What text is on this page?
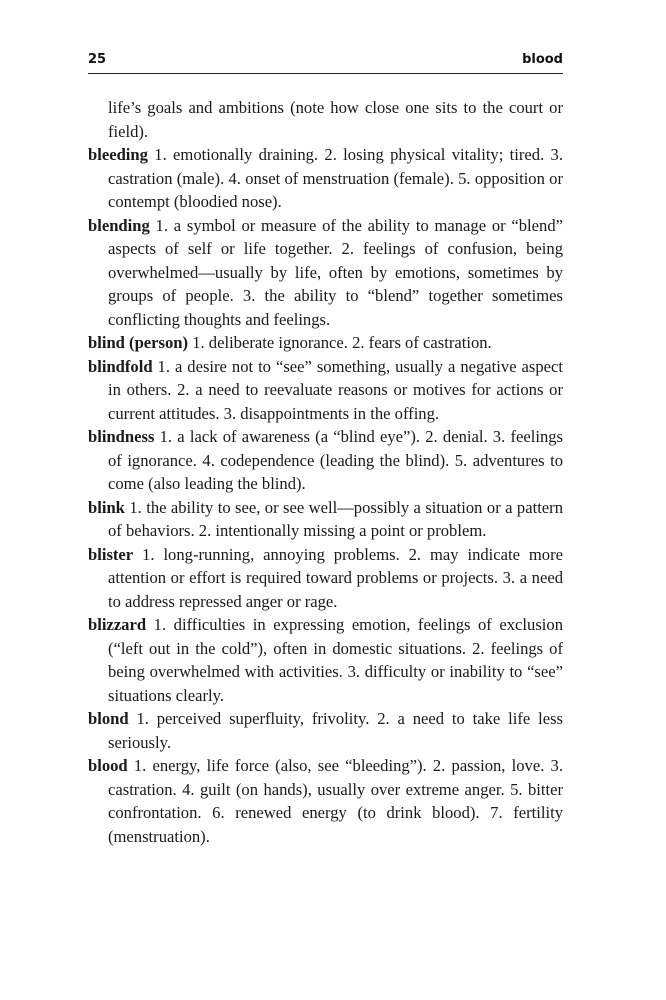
25	blood

life’s goals and ambitions (note how close one sits to the court or field).

bleeding 1. emotionally draining. 2. losing physical vitality; tired. 3. castration (male). 4. onset of menstruation (female). 5. opposition or contempt (bloodied nose).

blending 1. a symbol or measure of the ability to manage or “blend” aspects of self or life together. 2. feelings of confusion, being overwhelmed—usually by life, often by emotions, sometimes by groups of people. 3. the ability to “blend” together sometimes conflicting thoughts and feelings.

blind (person) 1. deliberate ignorance. 2. fears of castration.

blindfold 1. a desire not to “see” something, usually a negative aspect in others. 2. a need to reevaluate reasons or motives for actions or current attitudes. 3. disappointments in the offing.

blindness 1. a lack of awareness (a “blind eye”). 2. denial. 3. feelings of ignorance. 4. codependence (leading the blind). 5. adventures to come (also leading the blind).

blink 1. the ability to see, or see well—possibly a situation or a pattern of behaviors. 2. intentionally missing a point or problem.

blister 1. long-running, annoying problems. 2. may indicate more attention or effort is required toward problems or projects. 3. a need to address repressed anger or rage.

blizzard 1. difficulties in expressing emotion, feelings of exclusion (“left out in the cold”), often in domestic situations. 2. feelings of being overwhelmed with activities. 3. difficulty or inability to “see” situations clearly.

blond 1. perceived superfluity, frivolity. 2. a need to take life less seriously.

blood 1. energy, life force (also, see “bleeding”). 2. passion, love. 3. castration. 4. guilt (on hands), usually over extreme anger. 5. bitter confrontation. 6. renewed energy (to drink blood). 7. fertility (menstruation).
